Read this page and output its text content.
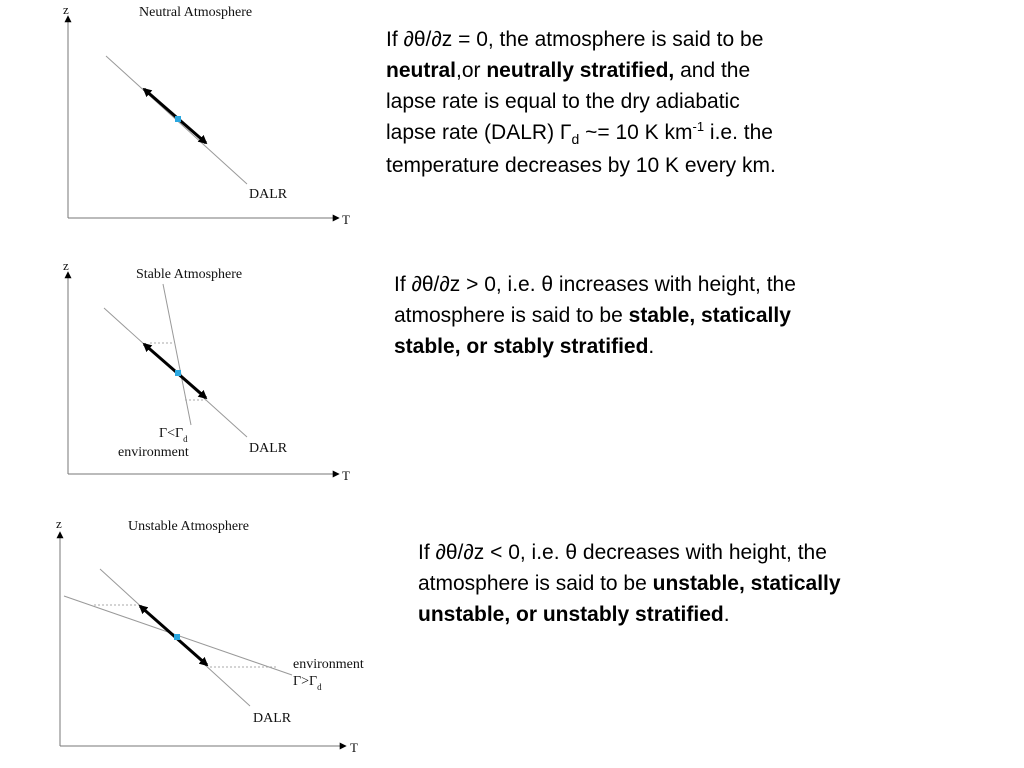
z
T
Neutral Atmosphere
DALR
z
T
Stable Atmosphere
$\Gamma<\Gamma_d$
environment	DALR
z
T
Unstable Atmosphere
environment
$\Gamma>\Gamma_d$
DALR
If ∂θ/∂z = 0, the atmosphere is said to be
neutral,or neutrally stratified, and the
lapse rate is equal to the dry adiabatic
lapse rate (DALR) $\Gamma_d$ ~= 10 K $km^{-1}$ i.e. the
temperature decreases by 10 K every km.
If ∂θ/∂z > 0, i.e. θ increases with height, the
atmosphere is said to be stable, statically
stable, or stably stratified.
If ∂θ/∂z < 0, i.e. θ decreases with height, the
atmosphere is said to be unstable, statically
unstable, or unstably stratified.
